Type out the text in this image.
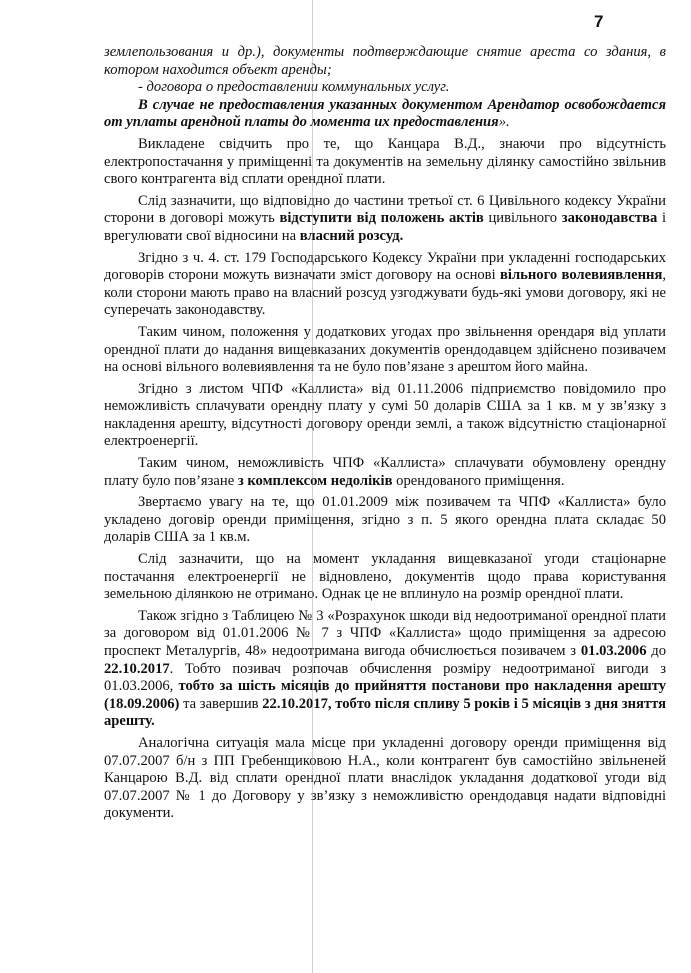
7

землепользования и др.), документы подтверждающие снятие ареста со здания, в котором находится объект аренды;

- договора о предоставлении коммунальных услуг.

В случае не предоставления указанных документом Арендатор освобождается от уплаты арендной платы до момента их предоставления».

Викладене свідчить про те, що Канцара В.Д., знаючи про відсутність електропостачання у приміщенні та документів на земельну ділянку самостійно звільнив свого контрагента від сплати орендної плати.

Слід зазначити, що відповідно до частини третьої ст. 6 Цивільного кодексу України сторони в договорі можуть відступити від положень актів цивільного законодавства і врегулювати свої відносини на власний розсуд.

Згідно з ч. 4. ст. 179 Господарського Кодексу України при укладенні господарських договорів сторони можуть визначати зміст договору на основі вільного волевиявлення, коли сторони мають право на власний розсуд узгоджувати будь-які умови договору, які не суперечать законодавству.

Таким чином, положення у додаткових угодах про звільнення орендаря від уплати орендної плати до надання вищевказаних документів орендодавцем здійснено позивачем на основі вільного волевиявлення та не було пов’язане з арештом його майна.

Згідно з листом ЧПФ «Каллиста» від 01.11.2006 підприємство повідомило про неможливість сплачувати орендну плату у сумі 50 доларів США за 1 кв. м у зв’язку з накладення арешту, відсутності договору оренди землі, а також відсутністю стаціонарної електроенергії.

Таким чином, неможливість ЧПФ «Каллиста» сплачувати обумовлену орендну плату було пов’язане з комплексом недоліків орендованого приміщення.

Звертаємо увагу на те, що 01.01.2009 між позивачем та ЧПФ «Каллиста» було укладено договір оренди приміщення, згідно з п. 5 якого орендна плата складає 50 доларів США за 1 кв.м.

Слід зазначити, що на момент укладання вищевказаної угоди стаціонарне постачання електроенергії не відновлено, документів щодо права користування земельною ділянкою не отримано. Однак це не вплинуло на розмір орендної плати.

Також згідно з Таблицею № 3 «Розрахунок шкоди від недоотриманої орендної плати за договором від 01.01.2006 № 7 з ЧПФ «Каллиста» щодо приміщення за адресою проспект Металургів, 48» недоотримана вигода обчислюється позивачем з 01.03.2006 до 22.10.2017. Тобто позивач розпочав обчислення розміру недоотриманої вигоди з 01.03.2006, тобто за шість місяців до прийняття постанови про накладення арешту (18.09.2006) та завершив 22.10.2017, тобто після спливу 5 років і 5 місяців з дня зняття арешту.

Аналогічна ситуація мала місце при укладенні договору оренди приміщення від 07.07.2007 б/н з ПП Гребенщиковою Н.А., коли контрагент був самостійно звільненей Канцарою В.Д. від сплати орендної плати внаслідок укладання додаткової угоди від 07.07.2007 № 1 до Договору у зв’язку з неможливістю орендодавця надати відповідні документи.
